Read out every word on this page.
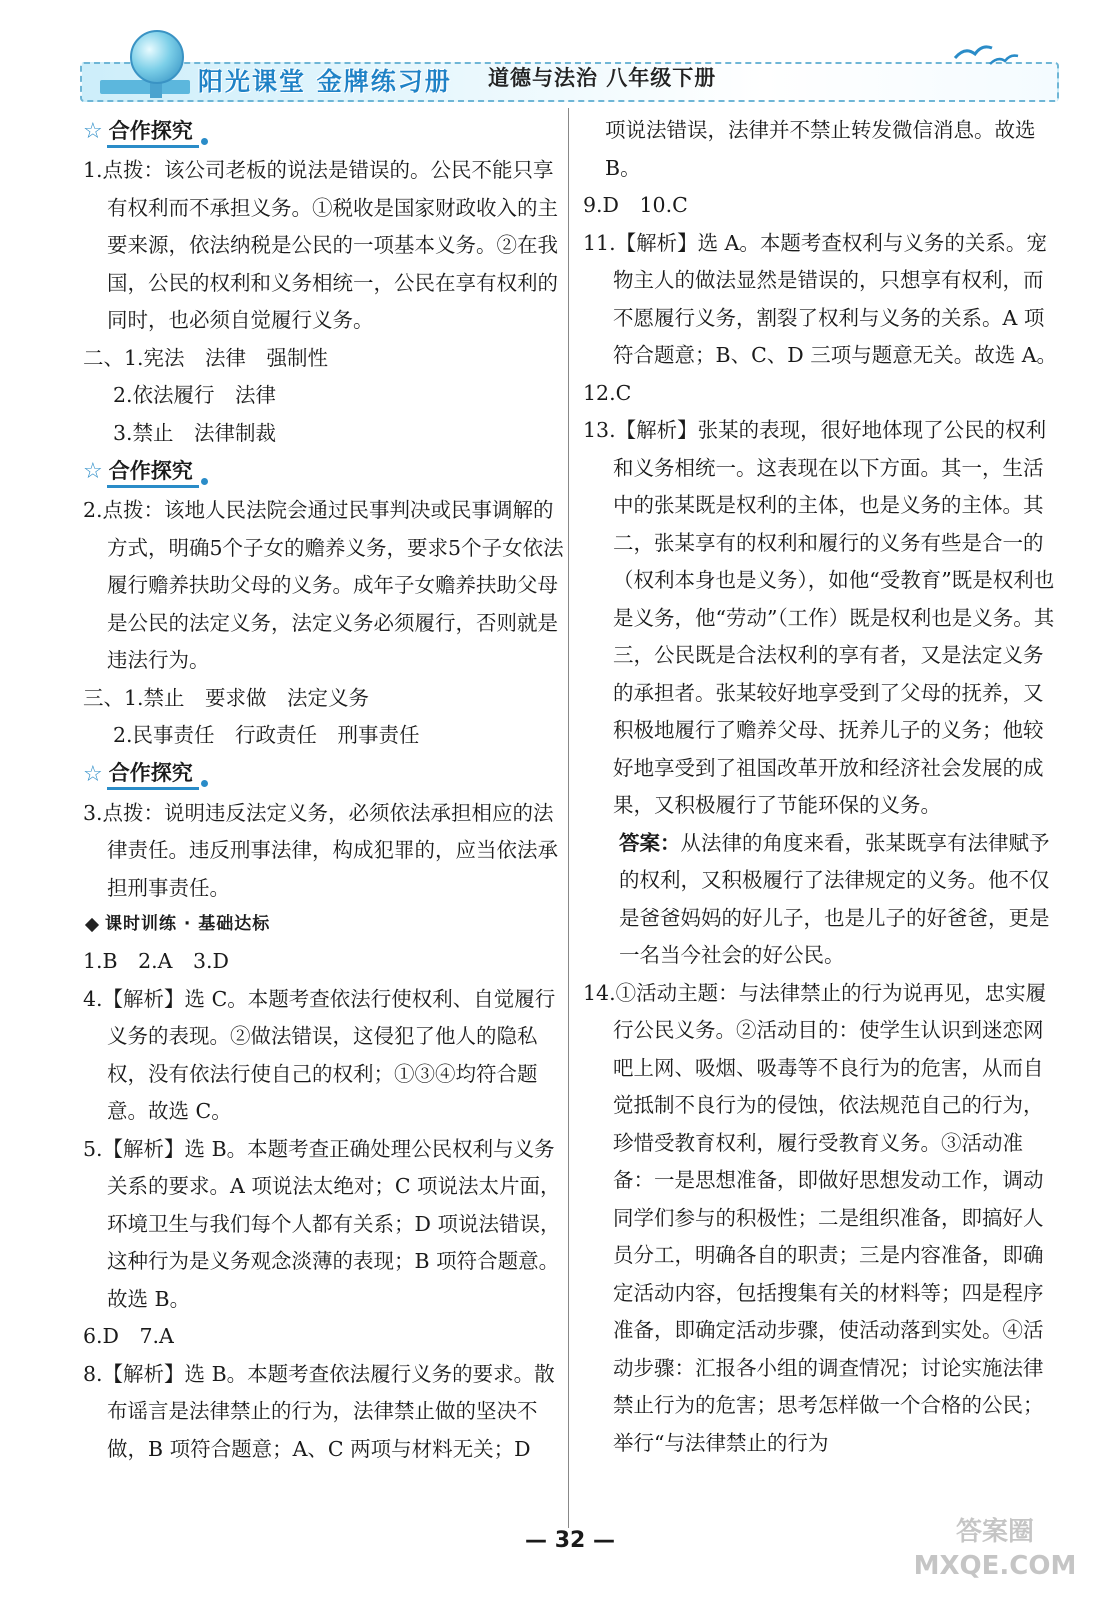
阳光课堂 金牌练习册 道德与法治 八年级下册
☆ 合作探究

1.点拨：该公司老板的说法是错误的。公民不能只享有权利而不承担义务。①税收是国家财政收入的主要来源，依法纳税是公民的一项基本义务。②在我国，公民的权利和义务相统一，公民在享有权利的同时，也必须自觉履行义务。

二、1.宪法　法律　强制性

2.依法履行　法律

3.禁止　法律制裁

☆ 合作探究

2.点拨：该地人民法院会通过民事判决或民事调解的方式，明确5个子女的赡养义务，要求5个子女依法履行赡养扶助父母的义务。成年子女赡养扶助父母是公民的法定义务，法定义务必须履行，否则就是违法行为。

三、1.禁止　要求做　法定义务

2.民事责任　行政责任　刑事责任

☆ 合作探究

3.点拨：说明违反法定义务，必须依法承担相应的法律责任。违反刑事法律，构成犯罪的，应当依法承担刑事责任。

课时训练 · 基础达标

1.B　2.A　3.D

4.【解析】选 C。本题考查依法行使权利、自觉履行义务的表现。②做法错误，这侵犯了他人的隐私权，没有依法行使自己的权利；①③④均符合题意。故选 C。

5.【解析】选 B。本题考查正确处理公民权利与义务关系的要求。A 项说法太绝对；C 项说法太片面，环境卫生与我们每个人都有关系；D 项说法错误，这种行为是义务观念淡薄的表现；B 项符合题意。故选 B。

6.D　7.A

8.【解析】选 B。本题考查依法履行义务的要求。散布谣言是法律禁止的行为，法律禁止做的坚决不做，B 项符合题意；A、C 两项与材料无关；D

项说法错误，法律并不禁止转发微信消息。故选 B。

9.D　10.C

11.【解析】选 A。本题考查权利与义务的关系。宠物主人的做法显然是错误的，只想享有权利，而不愿履行义务，割裂了权利与义务的关系。A 项符合题意；B、C、D 三项与题意无关。故选 A。

12.C

13.【解析】张某的表现，很好地体现了公民的权利和义务相统一。这表现在以下方面。其一，生活中的张某既是权利的主体，也是义务的主体。其二，张某享有的权利和履行的义务有些是合一的（权利本身也是义务），如他“受教育”既是权利也是义务，他“劳动”（工作）既是权利也是义务。其三，公民既是合法权利的享有者，又是法定义务的承担者。张某较好地享受到了父母的抚养，又积极地履行了赡养父母、抚养儿子的义务；他较好地享受到了祖国改革开放和经济社会发展的成果，又积极履行了节能环保的义务。

答案：从法律的角度来看，张某既享有法律赋予的权利，又积极履行了法律规定的义务。他不仅是爸爸妈妈的好儿子，也是儿子的好爸爸，更是一名当今社会的好公民。

14.①活动主题：与法律禁止的行为说再见，忠实履行公民义务。②活动目的：使学生认识到迷恋网吧上网、吸烟、吸毒等不良行为的危害，从而自觉抵制不良行为的侵蚀，依法规范自己的行为，珍惜受教育权利，履行受教育义务。③活动准备：一是思想准备，即做好思想发动工作，调动同学们参与的积极性；二是组织准备，即搞好人员分工，明确各自的职责；三是内容准备，即确定活动内容，包括搜集有关的材料等；四是程序准备，即确定活动步骤，使活动落到实处。④活动步骤：汇报各小组的调查情况；讨论实施法律禁止行为的危害；思考怎样做一个合格的公民；举行“与法律禁止的行为

— 32 —	答案圈
MXQE.COM
